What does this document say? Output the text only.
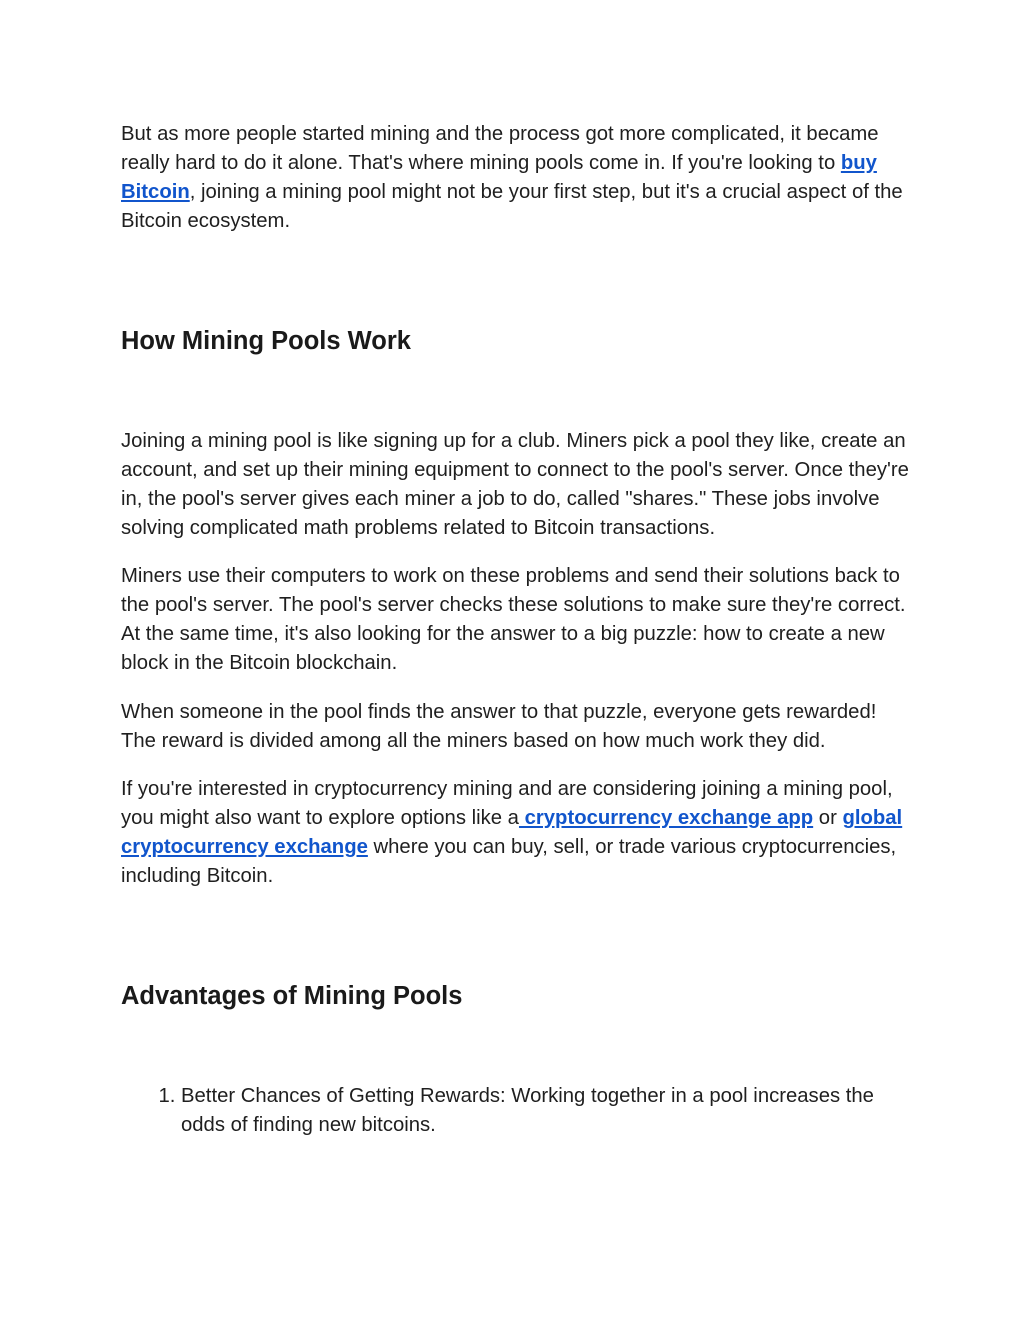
But as more people started mining and the process got more complicated, it became really hard to do it alone. That's where mining pools come in. If you're looking to buy Bitcoin, joining a mining pool might not be your first step, but it's a crucial aspect of the Bitcoin ecosystem.

How Mining Pools Work

Joining a mining pool is like signing up for a club. Miners pick a pool they like, create an account, and set up their mining equipment to connect to the pool's server. Once they're in, the pool's server gives each miner a job to do, called "shares." These jobs involve solving complicated math problems related to Bitcoin transactions.

Miners use their computers to work on these problems and send their solutions back to the pool's server. The pool's server checks these solutions to make sure they're correct. At the same time, it's also looking for the answer to a big puzzle: how to create a new block in the Bitcoin blockchain.

When someone in the pool finds the answer to that puzzle, everyone gets rewarded! The reward is divided among all the miners based on how much work they did.

If you're interested in cryptocurrency mining and are considering joining a mining pool, you might also want to explore options like a cryptocurrency exchange app or global cryptocurrency exchange where you can buy, sell, or trade various cryptocurrencies, including Bitcoin.

Advantages of Mining Pools
1. Better Chances of Getting Rewards: Working together in a pool increases the odds of finding new bitcoins.
